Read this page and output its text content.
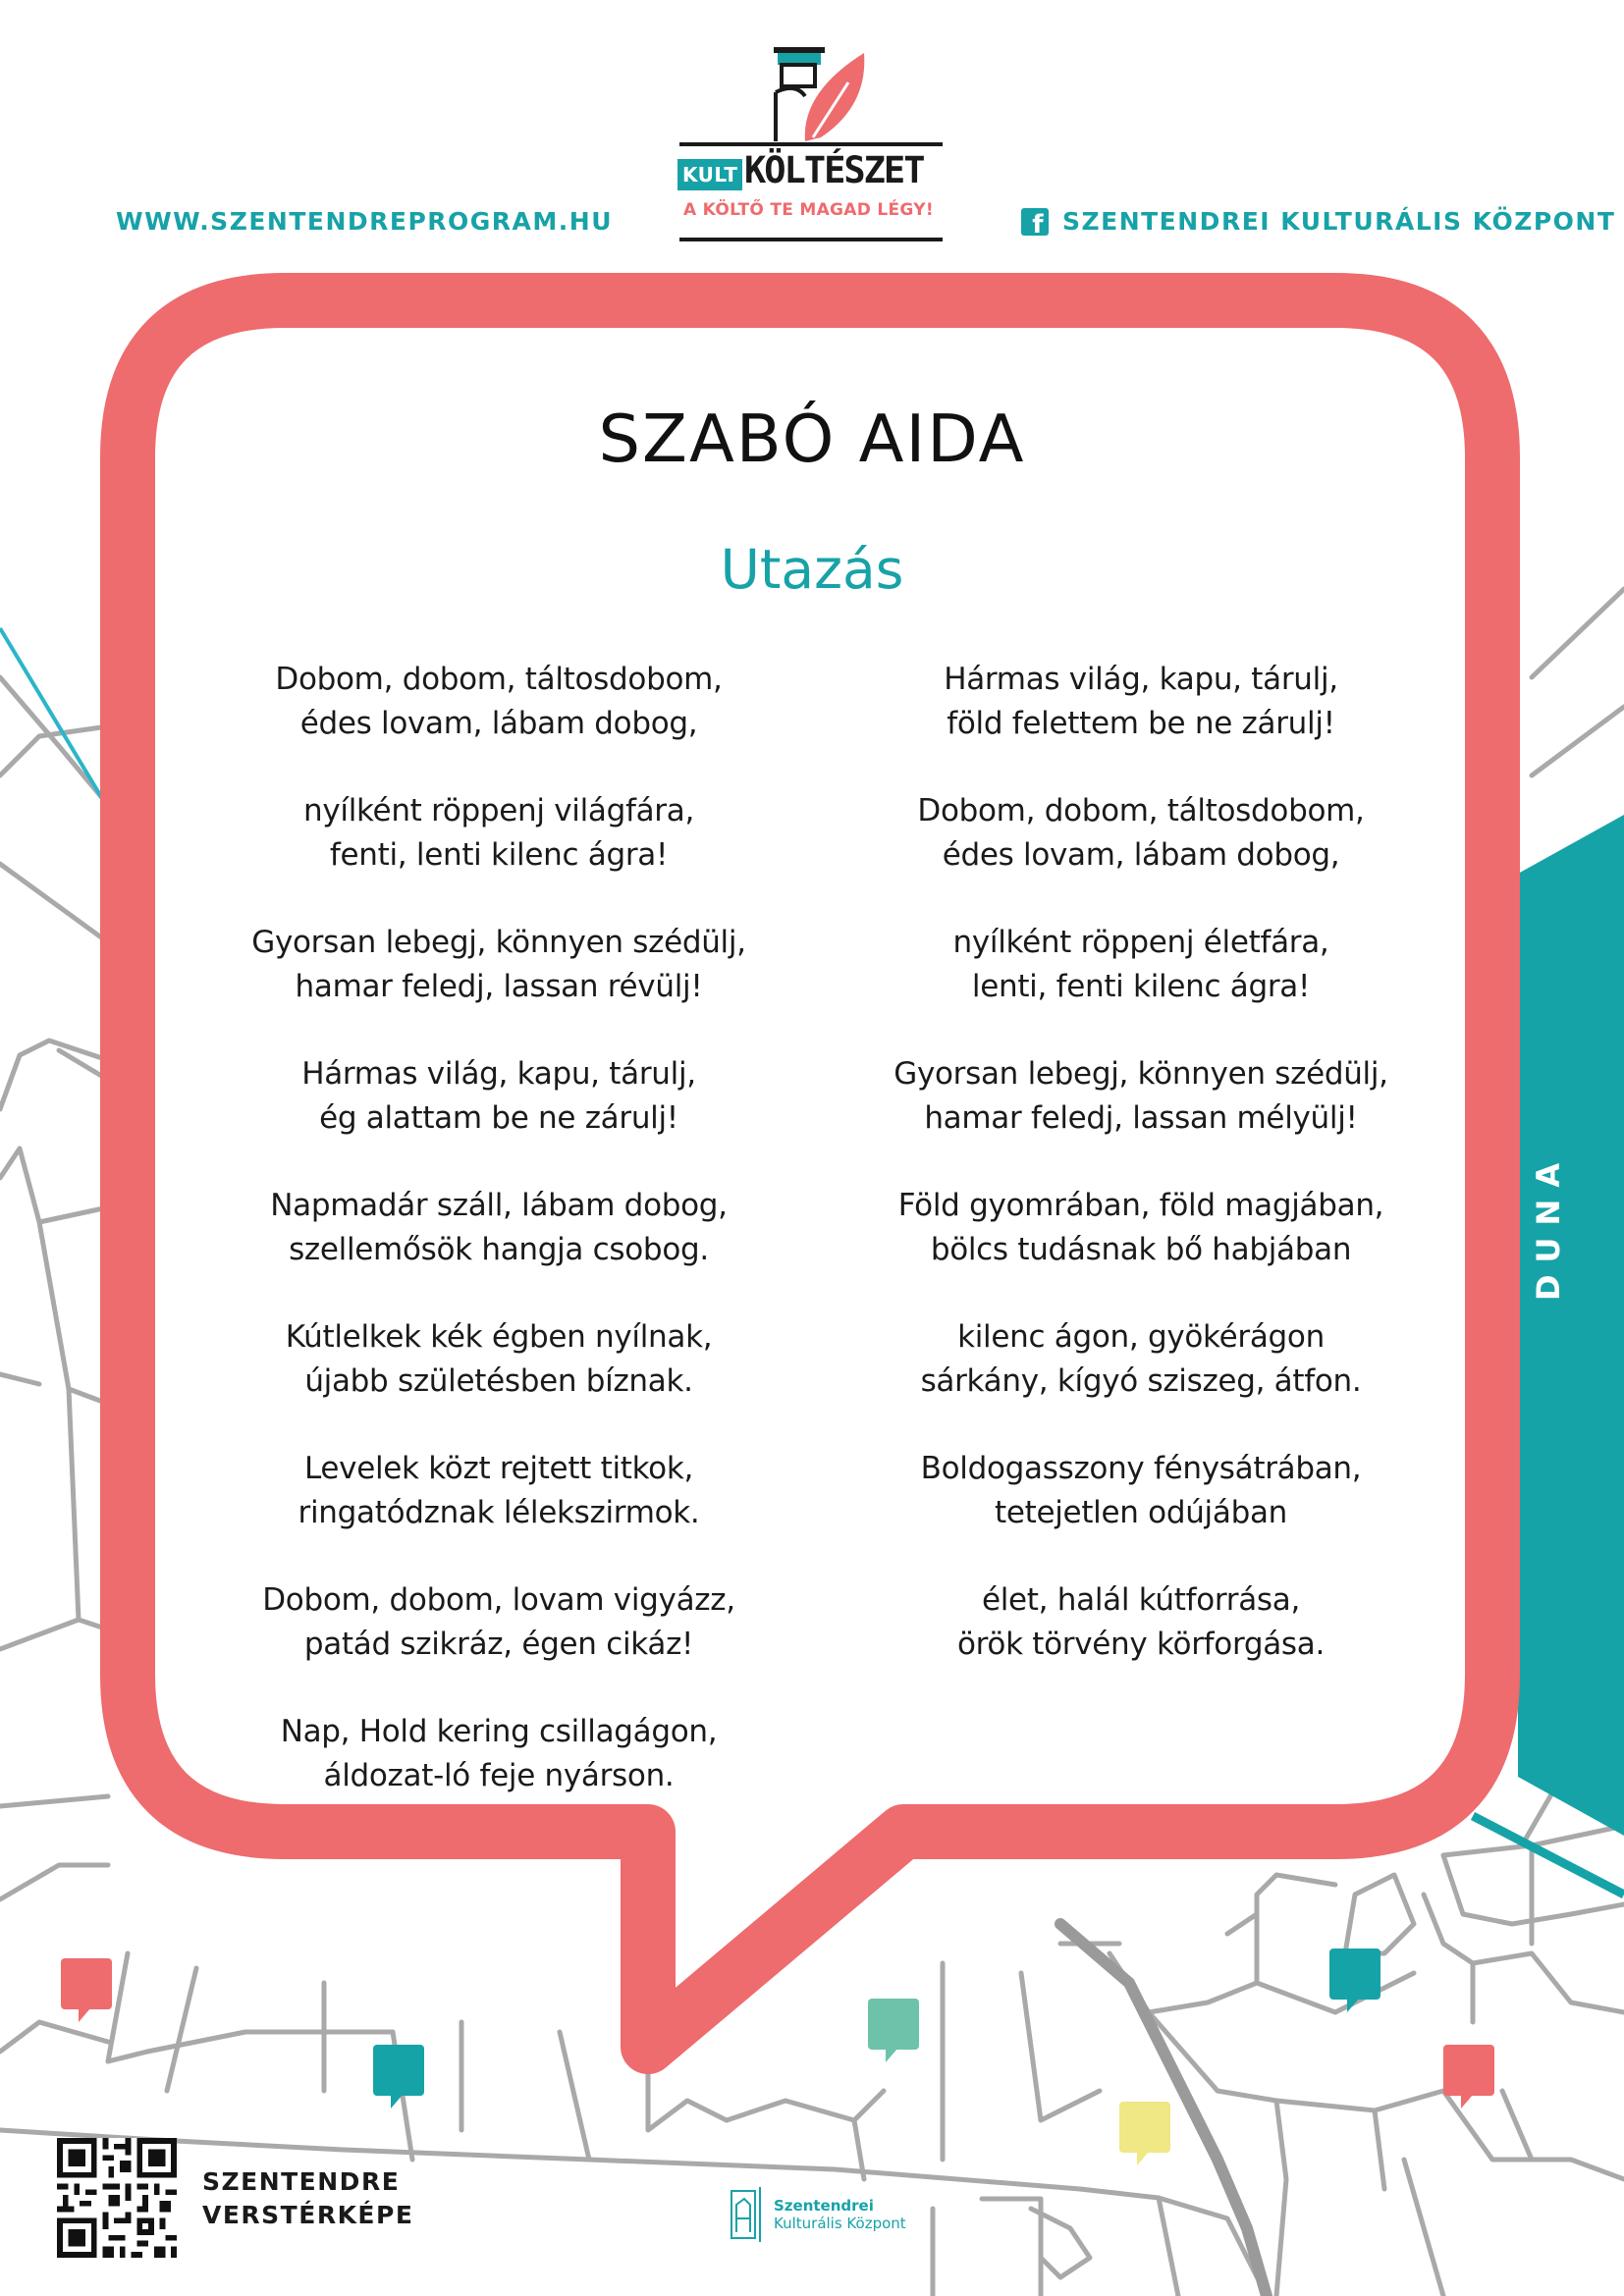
WWW.SZENTENDREPROGRAM.HU
f	SZENTENDREI KULTURÁLIS KÖZPONT
KULT KÖLTÉSZET
A KÖLTŐ TE MAGAD LÉGY!
SZABÓ AIDA
Utazás
Dobom, dobom, táltosdobom,
édes lovam, lábam dobog,
nyílként röppenj világfára,
fenti, lenti kilenc ágra!
Gyorsan lebegj, könnyen szédülj,
hamar feledj, lassan révülj!
Hármas világ, kapu, tárulj,
ég alattam be ne zárulj!
Napmadár száll, lábam dobog,
szellemősök hangja csobog.
Kútlelkek kék égben nyílnak,
újabb születésben bíznak.
Levelek közt rejtett titkok,
ringatódznak lélekszirmok.
Dobom, dobom, lovam vigyázz,
patád szikráz, égen cikáz!
Nap, Hold kering csillagágon,
áldozat-ló feje nyárson.
Hármas világ, kapu, tárulj,
föld felettem be ne zárulj!
Dobom, dobom, táltosdobom,
édes lovam, lábam dobog,
nyílként röppenj életfára,
lenti, fenti kilenc ágra!
Gyorsan lebegj, könnyen szédülj,
hamar feledj, lassan mélyülj!
Föld gyomrában, föld magjában,
bölcs tudásnak bő habjában
kilenc ágon, gyökérágon
sárkány, kígyó sziszeg, átfon.
Boldogasszony fénysátrában,
tetejetlen odújában
élet, halál kútforrása,
örök törvény körforgása.
SZENTENDRE
VERSTÉRKÉPE	Szentendrei
Kulturális Központ
